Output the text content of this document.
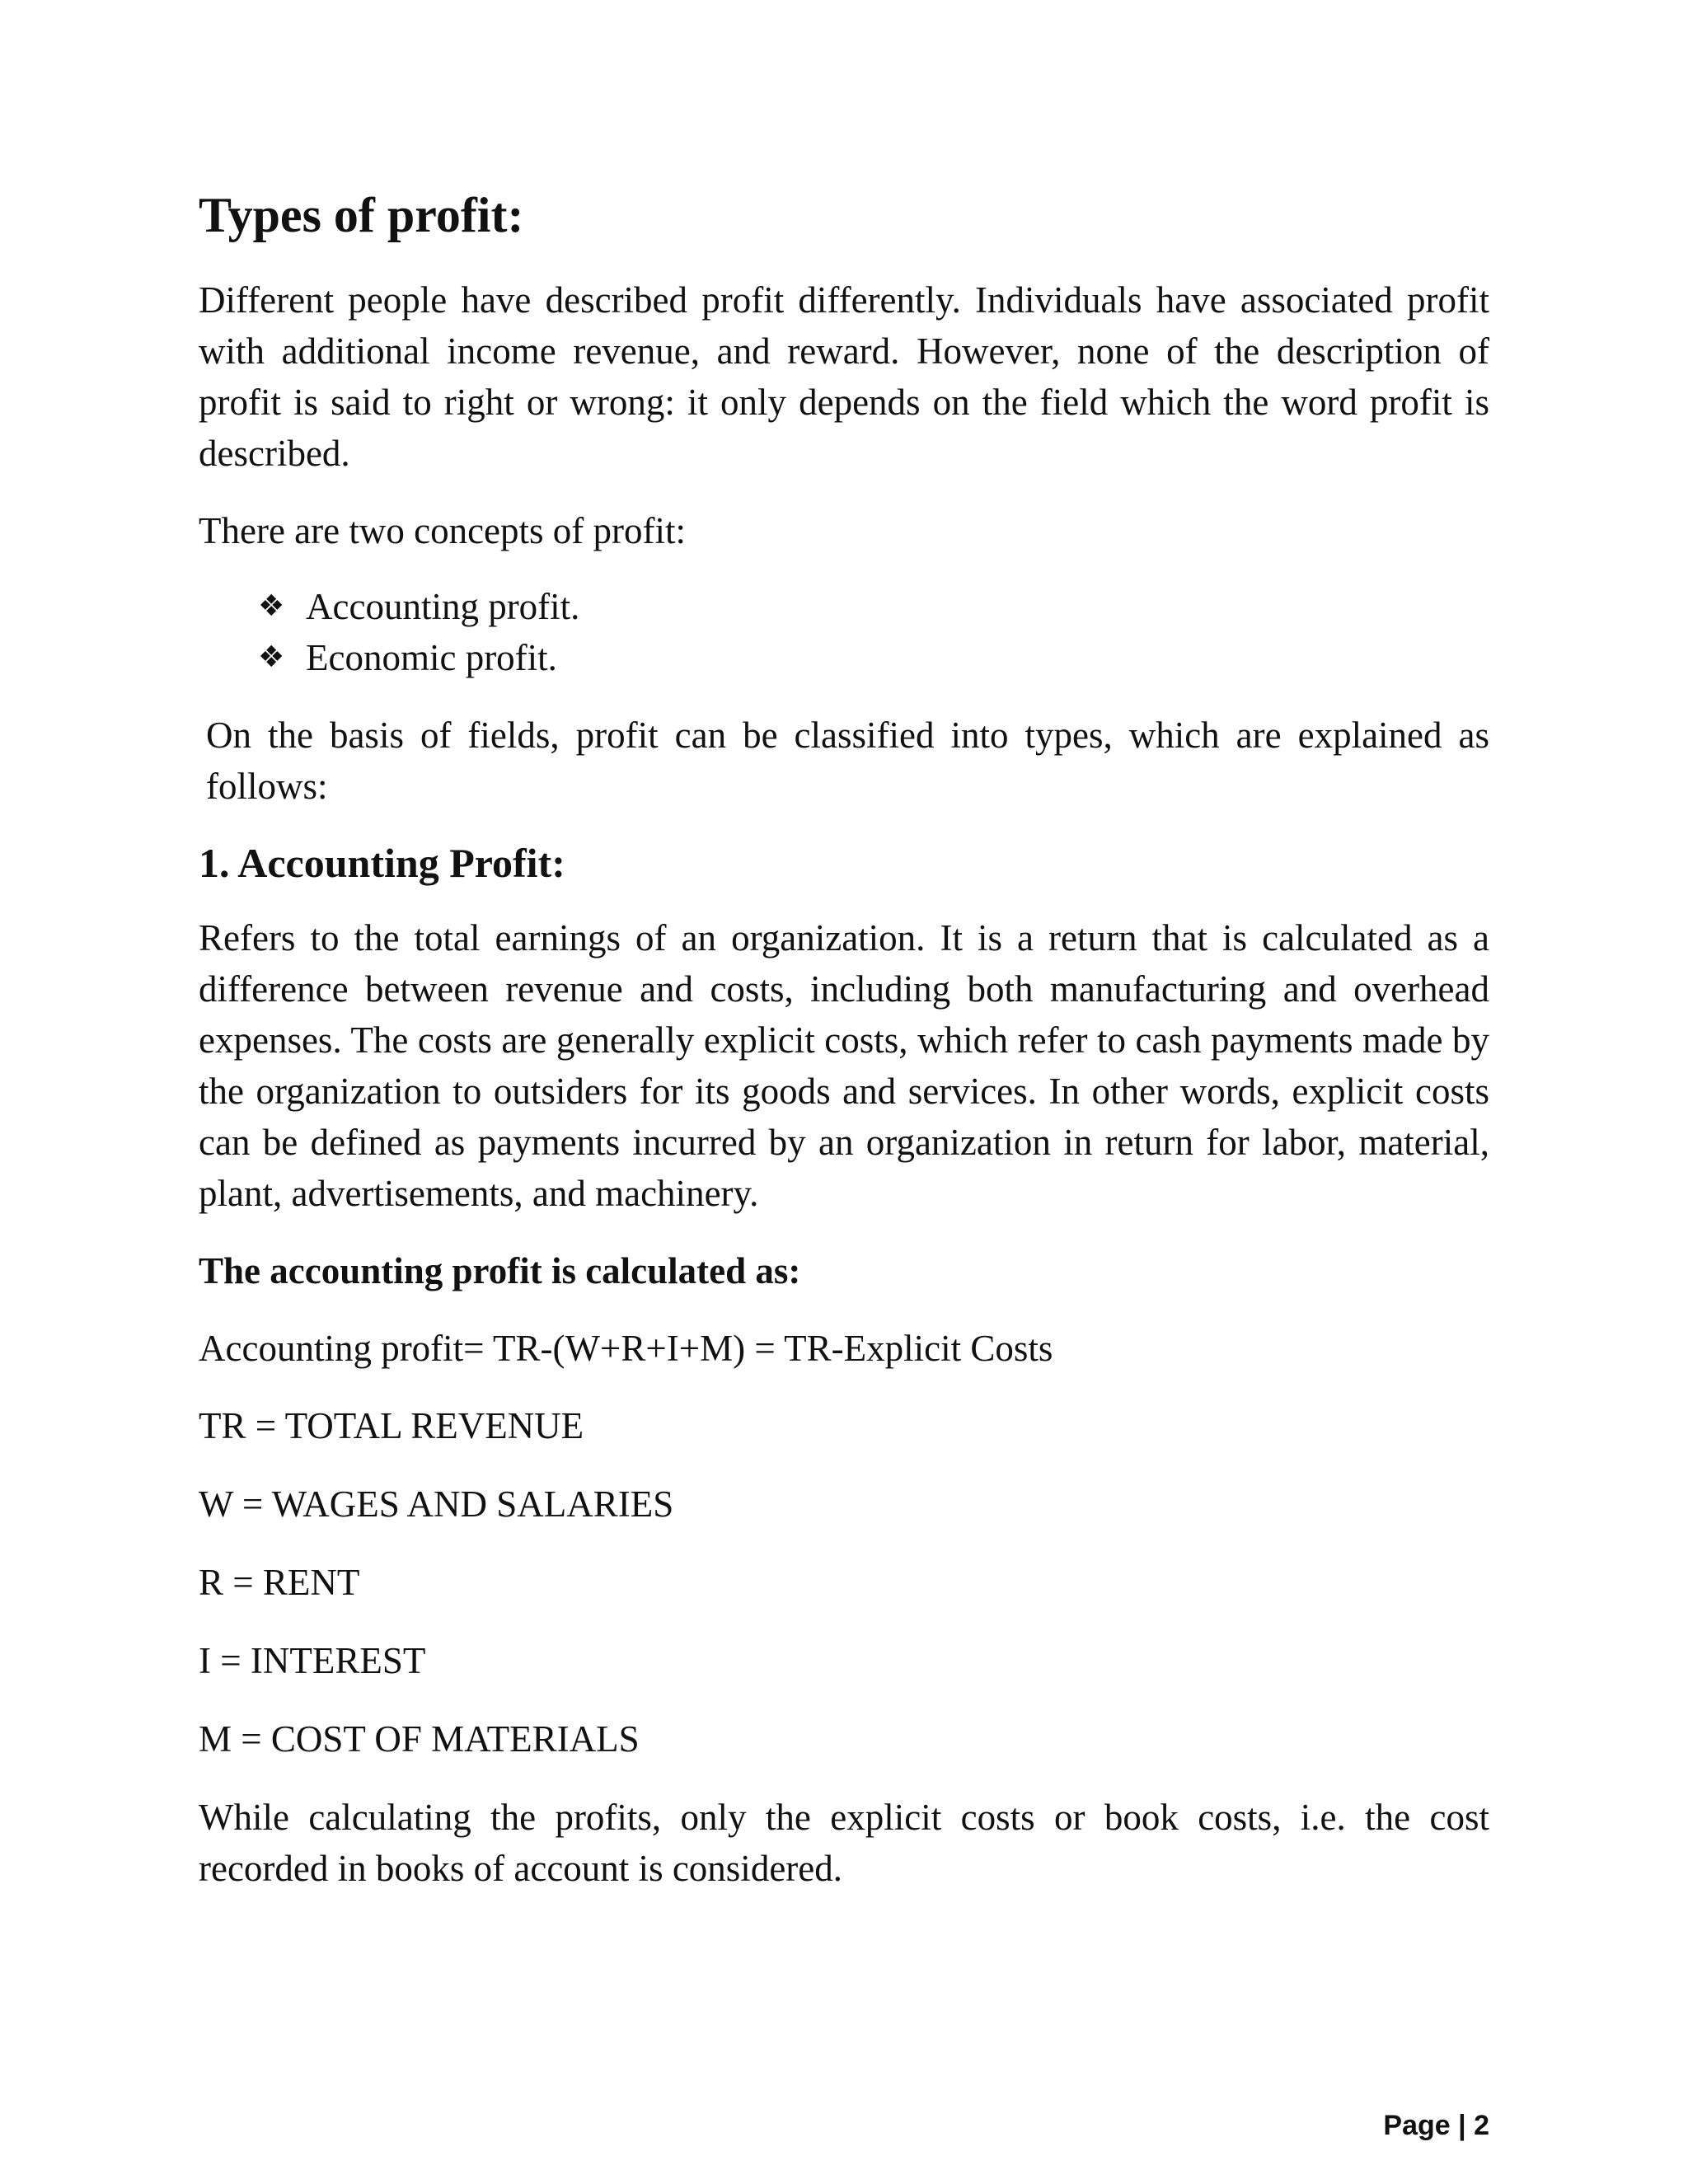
Types of profit:

Different people have described profit differently. Individuals have associated profit with additional income revenue, and reward. However, none of the description of profit is said to right or wrong: it only depends on the field which the word profit is described.

There are two concepts of profit:

❖ Accounting profit.
❖ Economic profit.

On the basis of fields, profit can be classified into types, which are explained as follows:

1. Accounting Profit:

Refers to the total earnings of an organization. It is a return that is calculated as a difference between revenue and costs, including both manufacturing and overhead expenses. The costs are generally explicit costs, which refer to cash payments made by the organization to outsiders for its goods and services. In other words, explicit costs can be defined as payments incurred by an organization in return for labor, material, plant, advertisements, and machinery.

The accounting profit is calculated as:

Accounting profit= TR-(W+R+I+M) = TR-Explicit Costs

TR = TOTAL REVENUE

W = WAGES AND SALARIES

R = RENT

I = INTEREST

M = COST OF MATERIALS

While calculating the profits, only the explicit costs or book costs, i.e. the cost recorded in books of account is considered.

Page | 2
